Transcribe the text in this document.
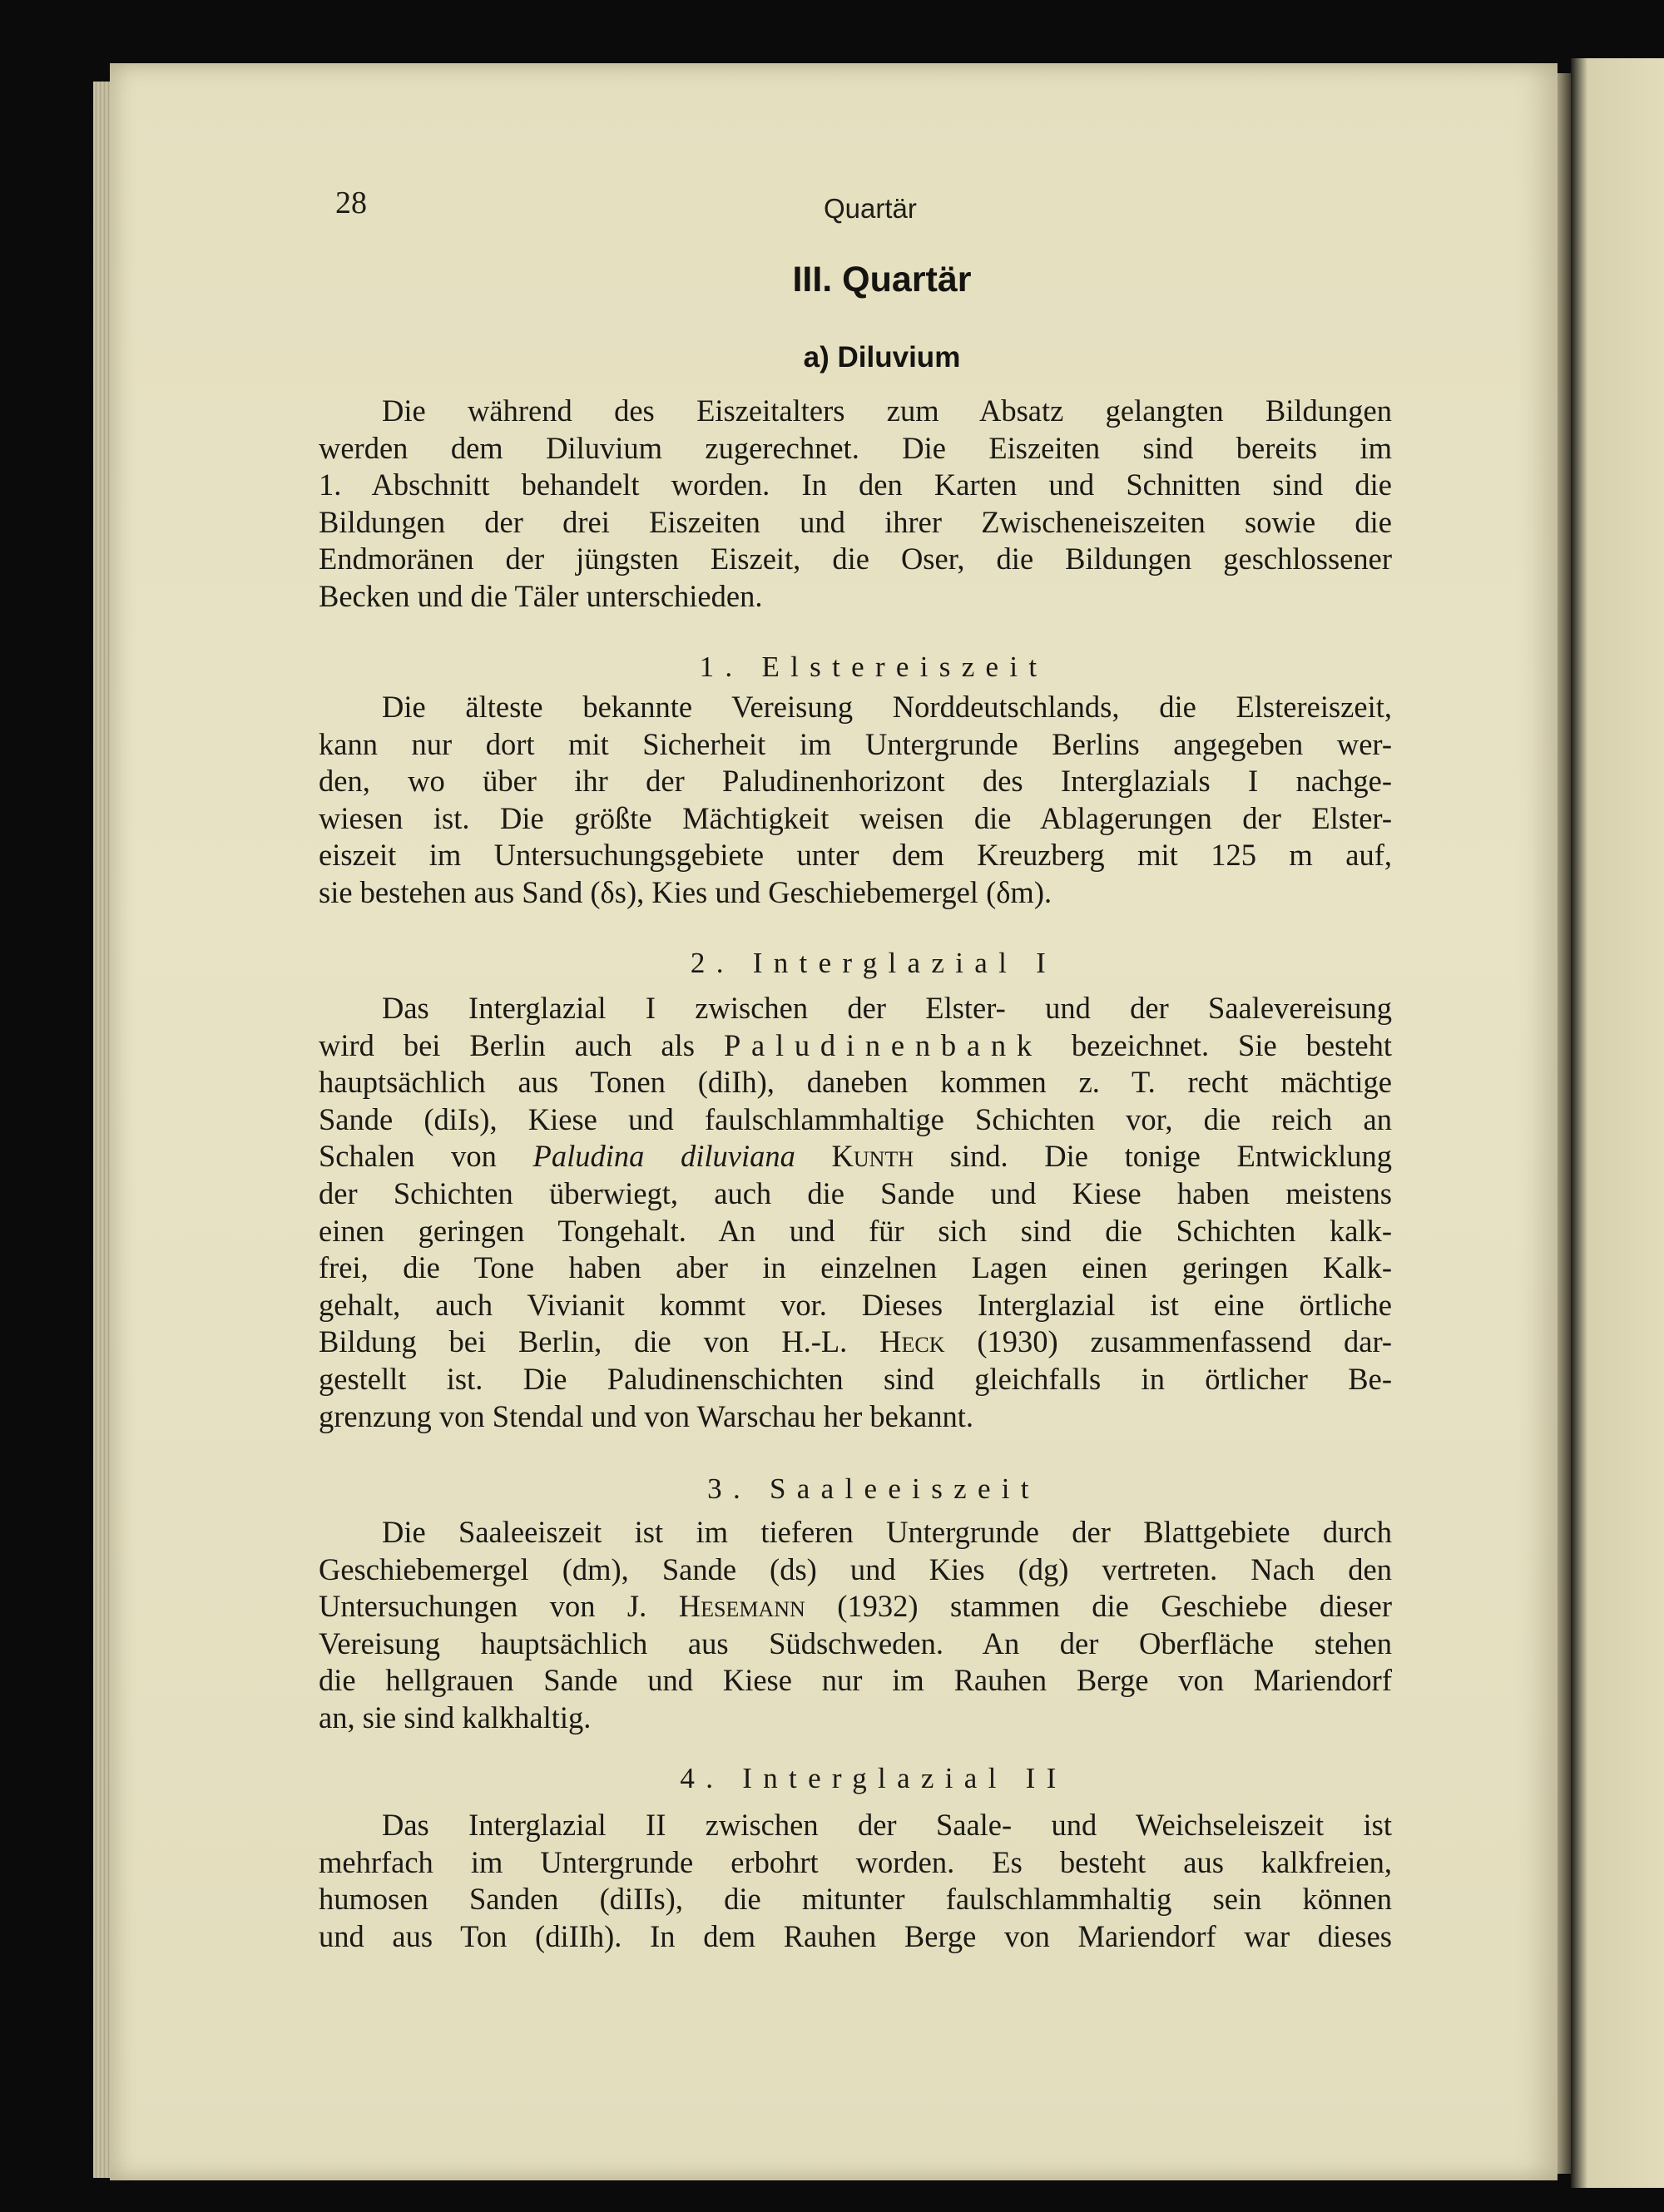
28	Quartär
III. Quartär
a) Diluvium
Die während des Eiszeitalters zum Absatz gelangten Bildungen
werden dem Diluvium zugerechnet. Die Eiszeiten sind bereits im
1. Abschnitt behandelt worden. In den Karten und Schnitten sind die
Bildungen der drei Eiszeiten und ihrer Zwischeneiszeiten sowie die
Endmoränen der jüngsten Eiszeit, die Oser, die Bildungen geschlossener
Becken und die Täler unterschieden.
1. Elstereiszeit
Die älteste bekannte Vereisung Norddeutschlands, die Elstereiszeit,
kann nur dort mit Sicherheit im Untergrunde Berlins angegeben wer-
den, wo über ihr der Paludinenhorizont des Interglazials I nachge-
wiesen ist. Die größte Mächtigkeit weisen die Ablagerungen der Elster-
eiszeit im Untersuchungsgebiete unter dem Kreuzberg mit 125 m auf,
sie bestehen aus Sand (δs), Kies und Geschiebemergel (δm).
2. Interglazial I
Das Interglazial I zwischen der Elster- und der Saalevereisung
wird bei Berlin auch als Paludinenbank bezeichnet. Sie besteht
hauptsächlich aus Tonen (diIh), daneben kommen z. T. recht mächtige
Sande (diIs), Kiese und faulschlammhaltige Schichten vor, die reich an
Schalen von Paludina diluviana Kunth sind. Die tonige Entwicklung
der Schichten überwiegt, auch die Sande und Kiese haben meistens
einen geringen Tongehalt. An und für sich sind die Schichten kalk-
frei, die Tone haben aber in einzelnen Lagen einen geringen Kalk-
gehalt, auch Vivianit kommt vor. Dieses Interglazial ist eine örtliche
Bildung bei Berlin, die von H.-L. Heck (1930) zusammenfassend dar-
gestellt ist. Die Paludinenschichten sind gleichfalls in örtlicher Be-
grenzung von Stendal und von Warschau her bekannt.
3. Saaleeiszeit
Die Saaleeiszeit ist im tieferen Untergrunde der Blattgebiete durch
Geschiebemergel (dm), Sande (ds) und Kies (dg) vertreten. Nach den
Untersuchungen von J. Hesemann (1932) stammen die Geschiebe dieser
Vereisung hauptsächlich aus Südschweden. An der Oberfläche stehen
die hellgrauen Sande und Kiese nur im Rauhen Berge von Mariendorf
an, sie sind kalkhaltig.
4. Interglazial II
Das Interglazial II zwischen der Saale- und Weichseleiszeit ist
mehrfach im Untergrunde erbohrt worden. Es besteht aus kalkfreien,
humosen Sanden (diIIs), die mitunter faulschlammhaltig sein können
und aus Ton (diIIh). In dem Rauhen Berge von Mariendorf war dieses
